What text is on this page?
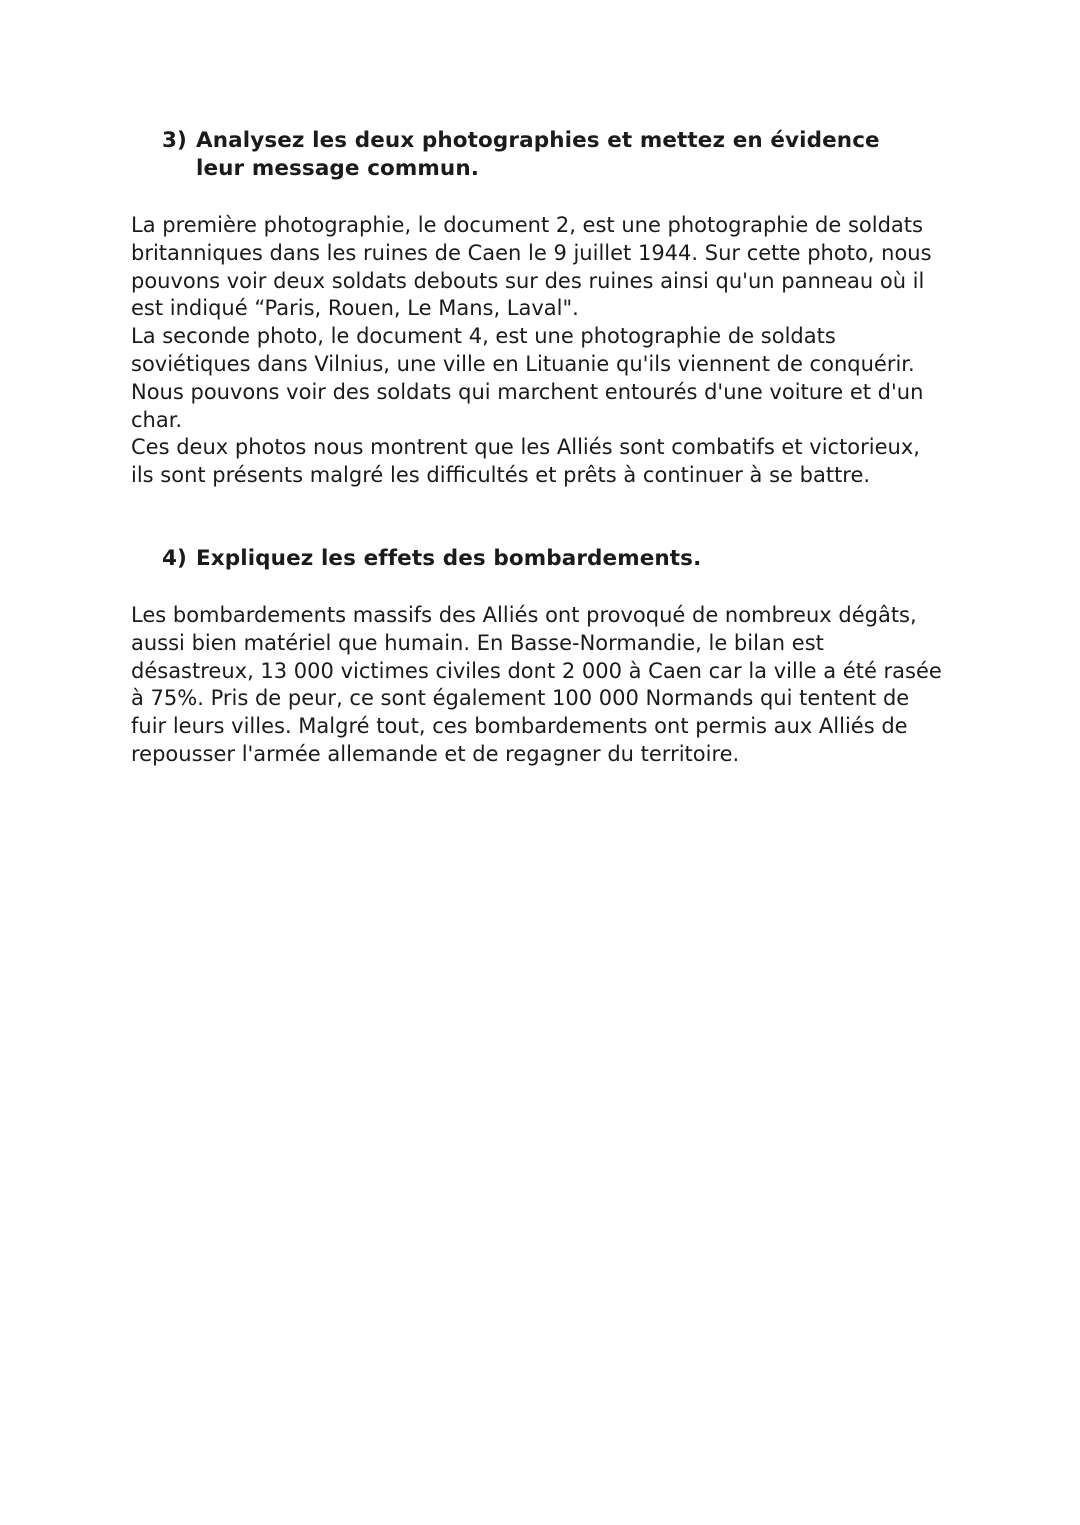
3) Analysez les deux photographies et mettez en évidence leur message commun.

La première photographie, le document 2, est une photographie de soldats britanniques dans les ruines de Caen le 9 juillet 1944. Sur cette photo, nous pouvons voir deux soldats debouts sur des ruines ainsi qu'un panneau où il est indiqué “Paris, Rouen, Le Mans, Laval".

La seconde photo, le document 4, est une photographie de soldats soviétiques dans Vilnius, une ville en Lituanie qu'ils viennent de conquérir. Nous pouvons voir des soldats qui marchent entourés d'une voiture et d'un char.

Ces deux photos nous montrent que les Alliés sont combatifs et victorieux, ils sont présents malgré les difficultés et prêts à continuer à se battre.

4) Expliquez les effets des bombardements.

Les bombardements massifs des Alliés ont provoqué de nombreux dégâts, aussi bien matériel que humain. En Basse-Normandie, le bilan est désastreux, 13 000 victimes civiles dont 2 000 à Caen car la ville a été rasée à 75%. Pris de peur, ce sont également 100 000 Normands qui tentent de fuir leurs villes. Malgré tout, ces bombardements ont permis aux Alliés de repousser l'armée allemande et de regagner du territoire.
